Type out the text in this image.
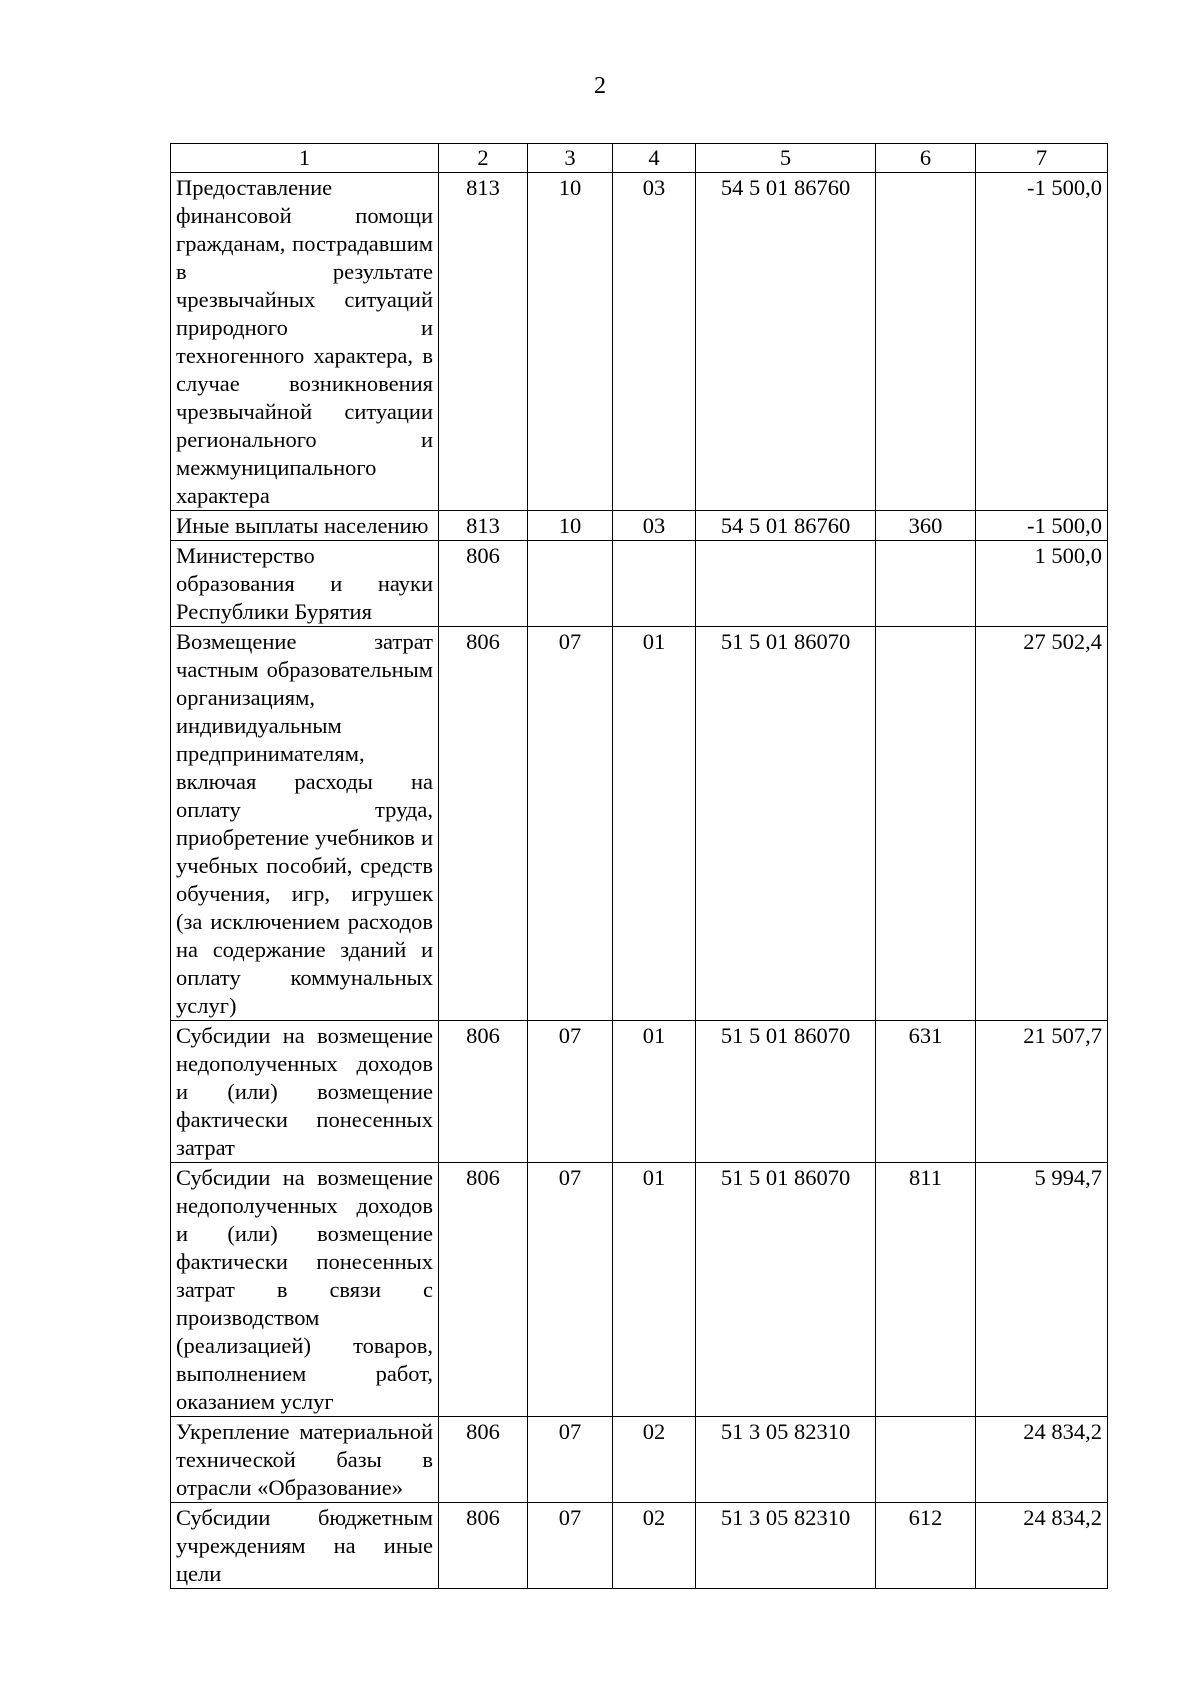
2
1	2	3	4	5	6	7
Предоставление финансовой помощи гражданам, пострадавшим в результате чрезвычайных ситуаций природного и техногенного характера, в случае возникновения чрезвычайной ситуации регионального и межмуниципального характера	813	10	03	54 5 01 86760		-1 500,0
Иные выплаты населению	813	10	03	54 5 01 86760	360	-1 500,0
Министерство образования и науки Республики Бурятия	806					1 500,0
Возмещение затрат частным образовательным организациям, индивидуальным предпринимателям, включая расходы на оплату труда, приобретение учебников и учебных пособий, средств обучения, игр, игрушек (за исключением расходов на содержание зданий и оплату коммунальных услуг)	806	07	01	51 5 01 86070		27 502,4
Субсидии на возмещение недополученных доходов и (или) возмещение фактически понесенных затрат	806	07	01	51 5 01 86070	631	21 507,7
Субсидии на возмещение недополученных доходов и (или) возмещение фактически понесенных затрат в связи с производством (реализацией) товаров, выполнением работ, оказанием услуг	806	07	01	51 5 01 86070	811	5 994,7
Укрепление материальной технической базы в отрасли «Образование»	806	07	02	51 3 05 82310		24 834,2
Субсидии бюджетным учреждениям на иные цели	806	07	02	51 3 05 82310	612	24 834,2
